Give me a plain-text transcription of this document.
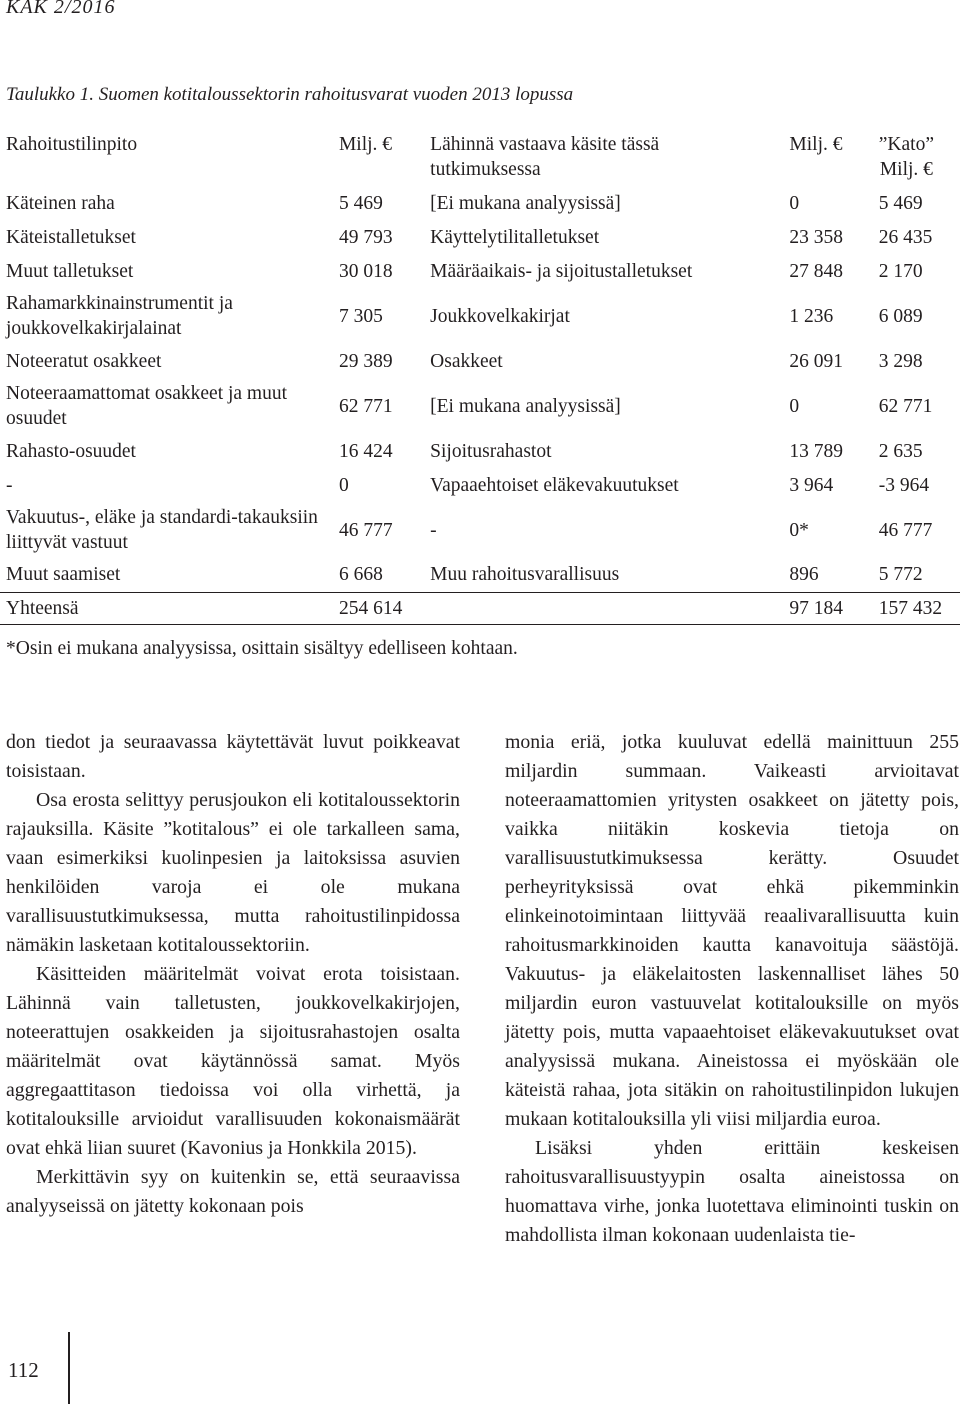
KAK 2/2016
Taulukko 1. Suomen kotitaloussektorin rahoitusvarat vuoden 2013 lopussa
Rahoitustilinpito	Milj. €	Lähinnä vastaava käsite tässä tutkimuksessa	Milj. €	”Kato” Milj. €
Käteinen raha	5 469	[Ei mukana analyysissä]	0	5 469
Käteistalletukset	49 793	Käyttelytilitalletukset	23 358	26 435
Muut talletukset	30 018	Määräaikais- ja sijoitustalletukset	27 848	2 170
Rahamarkkinainstrumentit ja joukkovelkakirjalainat	7 305	Joukkovelkakirjat	1 236	6 089
Noteeratut osakkeet	29 389	Osakkeet	26 091	3 298
Noteeraamattomat osakkeet ja muut osuudet	62 771	[Ei mukana analyysissä]	0	62 771
Rahasto-osuudet	16 424	Sijoitusrahastot	13 789	2 635
-	0	Vapaaehtoiset eläkevakuutukset	3 964	-3 964
Vakuutus-, eläke ja standardi-takauksiin liittyvät vastuut	46 777	-	0*	46 777
Muut saamiset	6 668	Muu rahoitusvarallisuus	896	5 772
Yhteensä	254 614		97 184	157 432
*Osin ei mukana analyysissa, osittain sisältyy edelliseen kohtaan.

don tiedot ja seuraavassa käytettävät luvut poikkeavat toisistaan.

Osa erosta selittyy perusjoukon eli kotitaloussektorin rajauksilla. Käsite ”kotitalous” ei ole tarkalleen sama, vaan esimerkiksi kuolinpesien ja laitoksissa asuvien henkilöiden varoja ei ole mukana varallisuustutkimuksessa, mutta rahoitustilinpidossa nämäkin lasketaan kotitaloussektoriin.

Käsitteiden määritelmät voivat erota toisistaan. Lähinnä vain talletusten, joukkovelkakirjojen, noteerattujen osakkeiden ja sijoitusrahastojen osalta määritelmät ovat käytännössä samat. Myös aggregaattitason tiedoissa voi olla virhettä, ja kotitalouksille arvioidut varallisuuden kokonaismäärät ovat ehkä liian suuret (Kavonius ja Honkkila 2015).

Merkittävin syy on kuitenkin se, että seuraavissa analyyseissä on jätetty kokonaan pois

monia eriä, jotka kuuluvat edellä mainittuun 255 miljardin summaan. Vaikeasti arvioitavat noteeraamattomien yritysten osakkeet on jätetty pois, vaikka niitäkin koskevia tietoja on varallisuustutkimuksessa kerätty. Osuudet perheyrityksissä ovat ehkä pikemminkin elinkeinotoimintaan liittyvää reaalivarallisuutta kuin rahoitusmarkkinoiden kautta kanavoituja säästöjä. Vakuutus- ja eläkelaitosten laskennalliset lähes 50 miljardin euron vastuuvelat kotitalouksille on myös jätetty pois, mutta vapaaehtoiset eläkevakuutukset ovat analyysissä mukana. Aineistossa ei myöskään ole käteistä rahaa, jota sitäkin on rahoitustilinpidon lukujen mukaan kotitalouksilla yli viisi miljardia euroa.

Lisäksi yhden erittäin keskeisen rahoitusvarallisuustyypin osalta aineistossa on huomattava virhe, jonka luotettava eliminointi tuskin on mahdollista ilman kokonaan uudenlaista tie-

112
